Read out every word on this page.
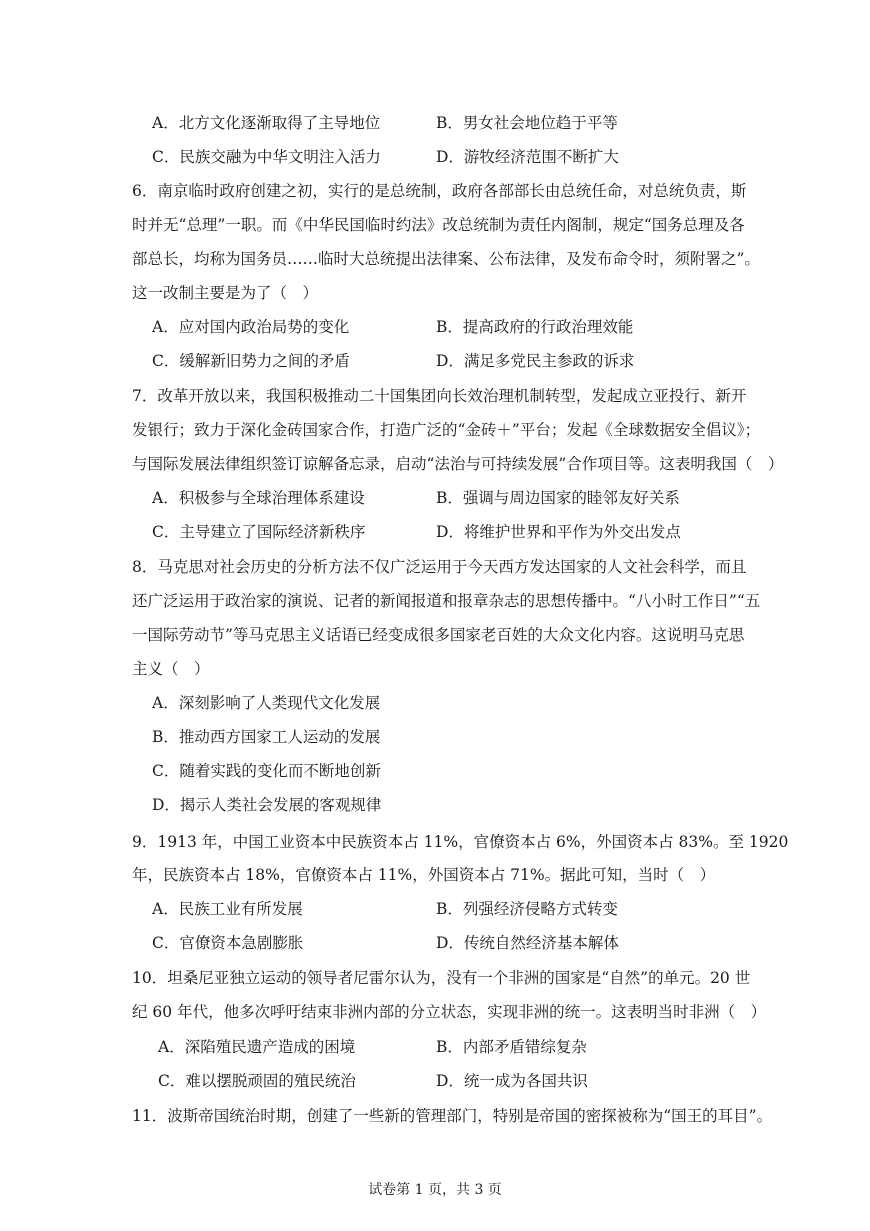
A．北方文化逐渐取得了主导地位	B．男女社会地位趋于平等
C．民族交融为中华文明注入活力	D．游牧经济范围不断扩大
6．南京临时政府创建之初，实行的是总统制，政府各部部长由总统任命，对总统负责，斯
时并无“总理”一职。而《中华民国临时约法》改总统制为责任内阁制，规定“国务总理及各
部总长，均称为国务员……临时大总统提出法律案、公布法律，及发布命令时，须附署之”。
这一改制主要是为了（　）
A．应对国内政治局势的变化	B．提高政府的行政治理效能
C．缓解新旧势力之间的矛盾	D．满足多党民主参政的诉求
7．改革开放以来，我国积极推动二十国集团向长效治理机制转型，发起成立亚投行、新开
发银行；致力于深化金砖国家合作，打造广泛的“金砖＋”平台；发起《全球数据安全倡议》；
与国际发展法律组织签订谅解备忘录，启动“法治与可持续发展”合作项目等。这表明我国（　）
A．积极参与全球治理体系建设	B．强调与周边国家的睦邻友好关系
C．主导建立了国际经济新秩序	D．将维护世界和平作为外交出发点
8．马克思对社会历史的分析方法不仅广泛运用于今天西方发达国家的人文社会科学，而且
还广泛运用于政治家的演说、记者的新闻报道和报章杂志的思想传播中。“八小时工作日”“五
一国际劳动节”等马克思主义话语已经变成很多国家老百姓的大众文化内容。这说明马克思
主义（　）
A．深刻影响了人类现代文化发展
B．推动西方国家工人运动的发展
C．随着实践的变化而不断地创新
D．揭示人类社会发展的客观规律
9．1913 年，中国工业资本中民族资本占 11%，官僚资本占 6%，外国资本占 83%。至 1920
年，民族资本占 18%，官僚资本占 11%，外国资本占 71%。据此可知，当时（　）
A．民族工业有所发展	B．列强经济侵略方式转变
C．官僚资本急剧膨胀	D．传统自然经济基本解体
10．坦桑尼亚独立运动的领导者尼雷尔认为，没有一个非洲的国家是“自然”的单元。20 世
纪 60 年代，他多次呼吁结束非洲内部的分立状态，实现非洲的统一。这表明当时非洲（　）
A．深陷殖民遗产造成的困境	B．内部矛盾错综复杂
C．难以摆脱顽固的殖民统治	D．统一成为各国共识
11．波斯帝国统治时期，创建了一些新的管理部门，特别是帝国的密探被称为“国王的耳目”。
试卷第 1 页，共 3 页
